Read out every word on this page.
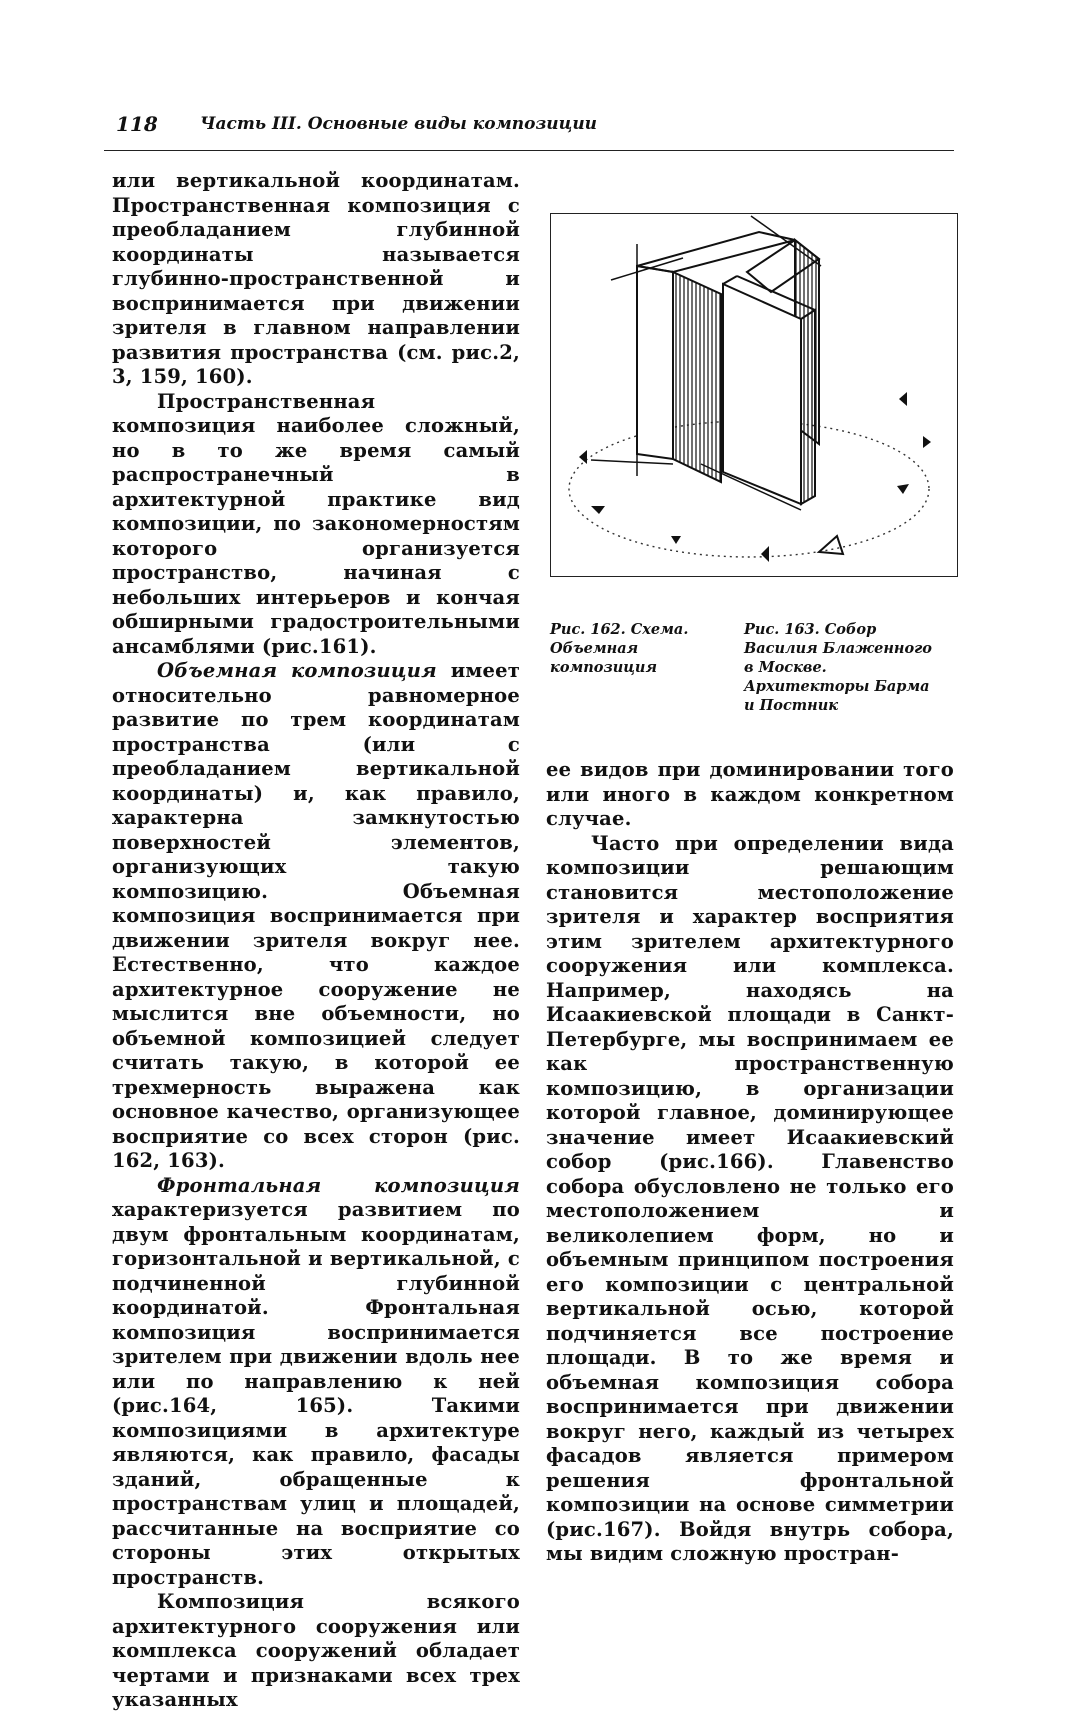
118 Часть III. Основные виды композиции

или вертикальной координатам. Пространственная композиция с преобладанием глубинной координаты называется глубинно-пространственной и воспринимается при движении зрителя в главном направлении развития пространства (см. рис.2, 3, 159, 160).

Пространственная композиция наиболее сложный, но в то же время самый распространечный в архитектурной практике вид композиции, по закономерностям которого организуется пространство, начиная с небольших интерьеров и кончая обширными градостроительными ансамблями (рис.161).

Объемная композиция имеет относительно равномерное развитие по трем координатам пространства (или с преобладанием вертикальной координаты) и, как правило, характерна замкнутостью поверхностей элементов, организующих такую композицию. Объемная композиция воспринимается при движении зрителя вокруг нее. Естественно, что каждое архитектурное сооружение не мыслится вне объемности, но объемной композицией следует считать такую, в которой ее трехмерность выражена как основное качество, организующее восприятие со всех сторон (рис. 162, 163).

Фронтальная композиция характеризуется развитием по двум фронтальным координатам, горизонтальной и вертикальной, с подчиненной глубинной координатой. Фронтальная композиция воспринимается зрителем при движении вдоль нее или по направлению к ней (рис.164, 165). Такими композициями в архитектуре являются, как правило, фасады зданий, обращенные к пространствам улиц и площадей, рассчитанные на восприятие со стороны этих открытых пространств.

Композиция всякого архитектурного сооружения или комплекса сооружений обладает чертами и признаками всех трех указанных

Рис. 162. Схема. Объемная композиция
Рис. 163. Собор Василия Блаженного в Москве. Архитекторы Барма и Постник

ее видов при доминировании того или иного в каждом конкретном случае.

Часто при определении вида композиции решающим становится местоположение зрителя и характер восприятия этим зрителем архитектурного сооружения или комплекса. Например, находясь на Исаакиевской площади в Санкт-Петербурге, мы воспринимаем ее как пространственную композицию, в организации которой главное, доминирующее значение имеет Исаакиевский собор (рис.166). Главенство собора обусловлено не только его местоположением и великолепием форм, но и объемным принципом построения его композиции с центральной вертикальной осью, которой подчиняется все построение площади. В то же время и объемная композиция собора воспринимается при движении вокруг него, каждый из четырех фасадов является примером решения фронтальной композиции на основе симметрии (рис.167). Войдя внутрь собора, мы видим сложную простран-
